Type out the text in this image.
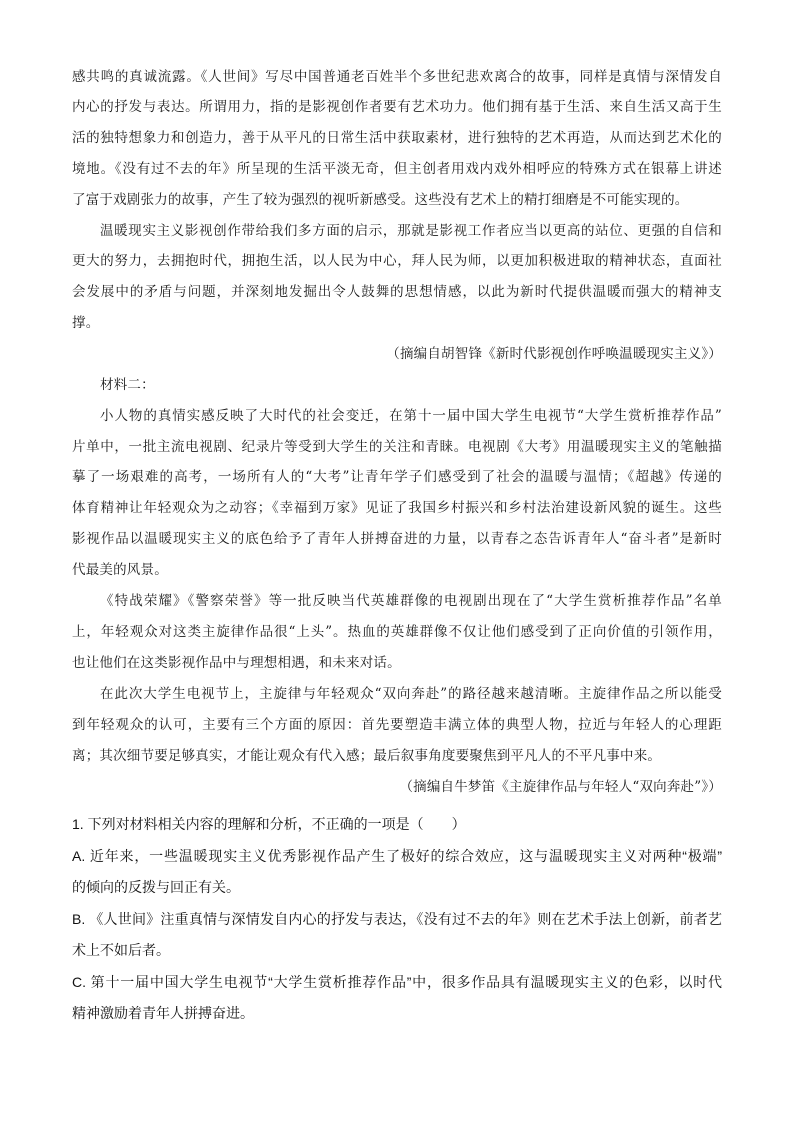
感共鸣的真诚流露。《人世间》写尽中国普通老百姓半个多世纪悲欢离合的故事，同样是真情与深情发自
内心的抒发与表达。所谓用力，指的是影视创作者要有艺术功力。他们拥有基于生活、来自生活又高于生
活的独特想象力和创造力，善于从平凡的日常生活中获取素材，进行独特的艺术再造，从而达到艺术化的
境地。《没有过不去的年》所呈现的生活平淡无奇，但主创者用戏内戏外相呼应的特殊方式在银幕上讲述
了富于戏剧张力的故事，产生了较为强烈的视听新感受。这些没有艺术上的精打细磨是不可能实现的。
温暖现实主义影视创作带给我们多方面的启示，那就是影视工作者应当以更高的站位、更强的自信和
更大的努力，去拥抱时代，拥抱生活，以人民为中心，拜人民为师，以更加积极进取的精神状态，直面社
会发展中的矛盾与问题，并深刻地发掘出令人鼓舞的思想情感，以此为新时代提供温暖而强大的精神支
撑。
（摘编自胡智锋《新时代影视创作呼唤温暖现实主义》）
材料二：
小人物的真情实感反映了大时代的社会变迁，在第十一届中国大学生电视节“大学生赏析推荐作品”
片单中，一批主流电视剧、纪录片等受到大学生的关注和青睐。电视剧《大考》用温暖现实主义的笔触描
摹了一场艰难的高考，一场所有人的“大考”让青年学子们感受到了社会的温暖与温情；《超越》传递的
体育精神让年轻观众为之动容；《幸福到万家》见证了我国乡村振兴和乡村法治建设新风貌的诞生。这些
影视作品以温暖现实主义的底色给予了青年人拼搏奋进的力量，以青春之态告诉青年人“奋斗者”是新时
代最美的风景。
《特战荣耀》《警察荣誉》等一批反映当代英雄群像的电视剧出现在了“大学生赏析推荐作品”名单
上，年轻观众对这类主旋律作品很“上头”。热血的英雄群像不仅让他们感受到了正向价值的引领作用，
也让他们在这类影视作品中与理想相遇，和未来对话。
在此次大学生电视节上，主旋律与年轻观众“双向奔赴”的路径越来越清晰。主旋律作品之所以能受
到年轻观众的认可，主要有三个方面的原因：首先要塑造丰满立体的典型人物，拉近与年轻人的心理距
离；其次细节要足够真实，才能让观众有代入感；最后叙事角度要聚焦到平凡人的不平凡事中来。
（摘编自牛梦笛《主旋律作品与年轻人“双向奔赴”》）
1. 下列对材料相关内容的理解和分析，不正确的一项是（　　）
A. 近年来，一些温暖现实主义优秀影视作品产生了极好的综合效应，这与温暖现实主义对两种“极端”
的倾向的反拨与回正有关。
B. 《人世间》注重真情与深情发自内心的抒发与表达，《没有过不去的年》则在艺术手法上创新，前者艺
术上不如后者。
C. 第十一届中国大学生电视节“大学生赏析推荐作品”中，很多作品具有温暖现实主义的色彩，以时代
精神激励着青年人拼搏奋进。
